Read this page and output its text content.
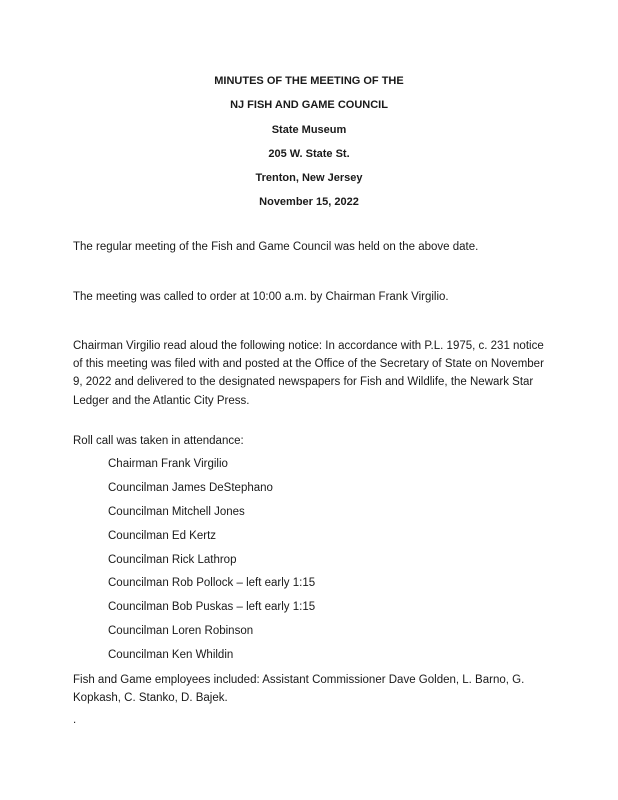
MINUTES OF THE MEETING OF THE
NJ FISH AND GAME COUNCIL
State Museum
205 W. State St.
Trenton, New Jersey
November 15, 2022
The regular meeting of the Fish and Game Council was held on the above date.
The meeting was called to order at 10:00 a.m. by Chairman Frank Virgilio.
Chairman Virgilio read aloud the following notice: In accordance with P.L. 1975, c. 231 notice of this meeting was filed with and posted at the Office of the Secretary of State on November 9, 2022 and delivered to the designated newspapers for Fish and Wildlife, the Newark Star Ledger and the Atlantic City Press.
Roll call was taken in attendance:
Chairman Frank Virgilio
Councilman James DeStephano
Councilman Mitchell Jones
Councilman Ed Kertz
Councilman Rick Lathrop
Councilman Rob Pollock – left early 1:15
Councilman Bob Puskas – left early 1:15
Councilman Loren Robinson
Councilman Ken Whildin
Fish and Game employees included: Assistant Commissioner Dave Golden, L. Barno, G. Kopkash, C. Stanko, D. Bajek.
.
